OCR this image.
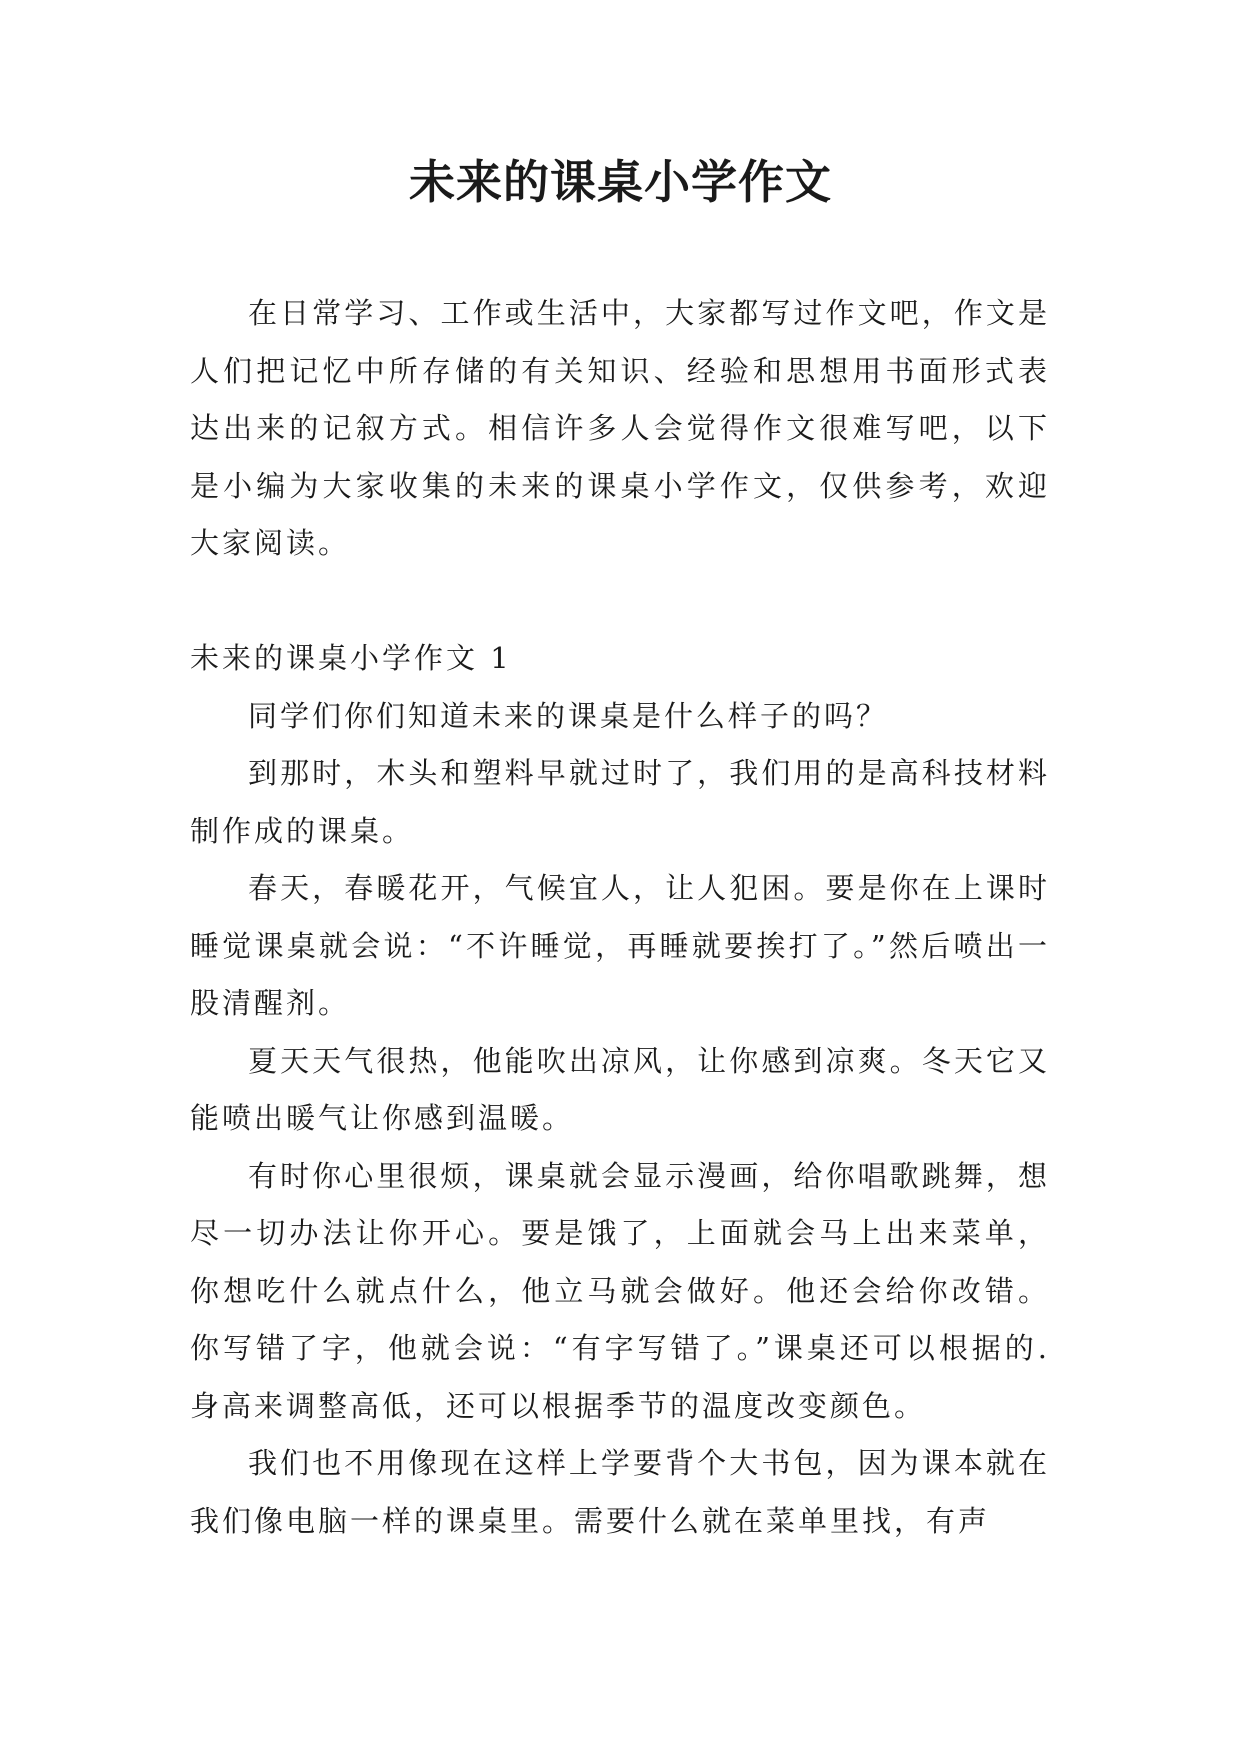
未来的课桌小学作文

在日常学习、工作或生活中，大家都写过作文吧，作文是人们把记忆中所存储的有关知识、经验和思想用书面形式表达出来的记叙方式。相信许多人会觉得作文很难写吧，以下是小编为大家收集的未来的课桌小学作文，仅供参考，欢迎大家阅读。

未来的课桌小学作文 1

同学们你们知道未来的课桌是什么样子的吗？

到那时，木头和塑料早就过时了，我们用的是高科技材料制作成的课桌。

春天，春暖花开，气候宜人，让人犯困。要是你在上课时睡觉课桌就会说：“不许睡觉，再睡就要挨打了。”然后喷出一股清醒剂。

夏天天气很热，他能吹出凉风，让你感到凉爽。冬天它又能喷出暖气让你感到温暖。

有时你心里很烦，课桌就会显示漫画，给你唱歌跳舞，想尽一切办法让你开心。要是饿了，上面就会马上出来菜单，你想吃什么就点什么，他立马就会做好。他还会给你改错。你写错了字，他就会说：“有字写错了。”课桌还可以根据的.身高来调整高低，还可以根据季节的温度改变颜色。

我们也不用像现在这样上学要背个大书包，因为课本就在我们像电脑一样的课桌里。需要什么就在菜单里找，有声
